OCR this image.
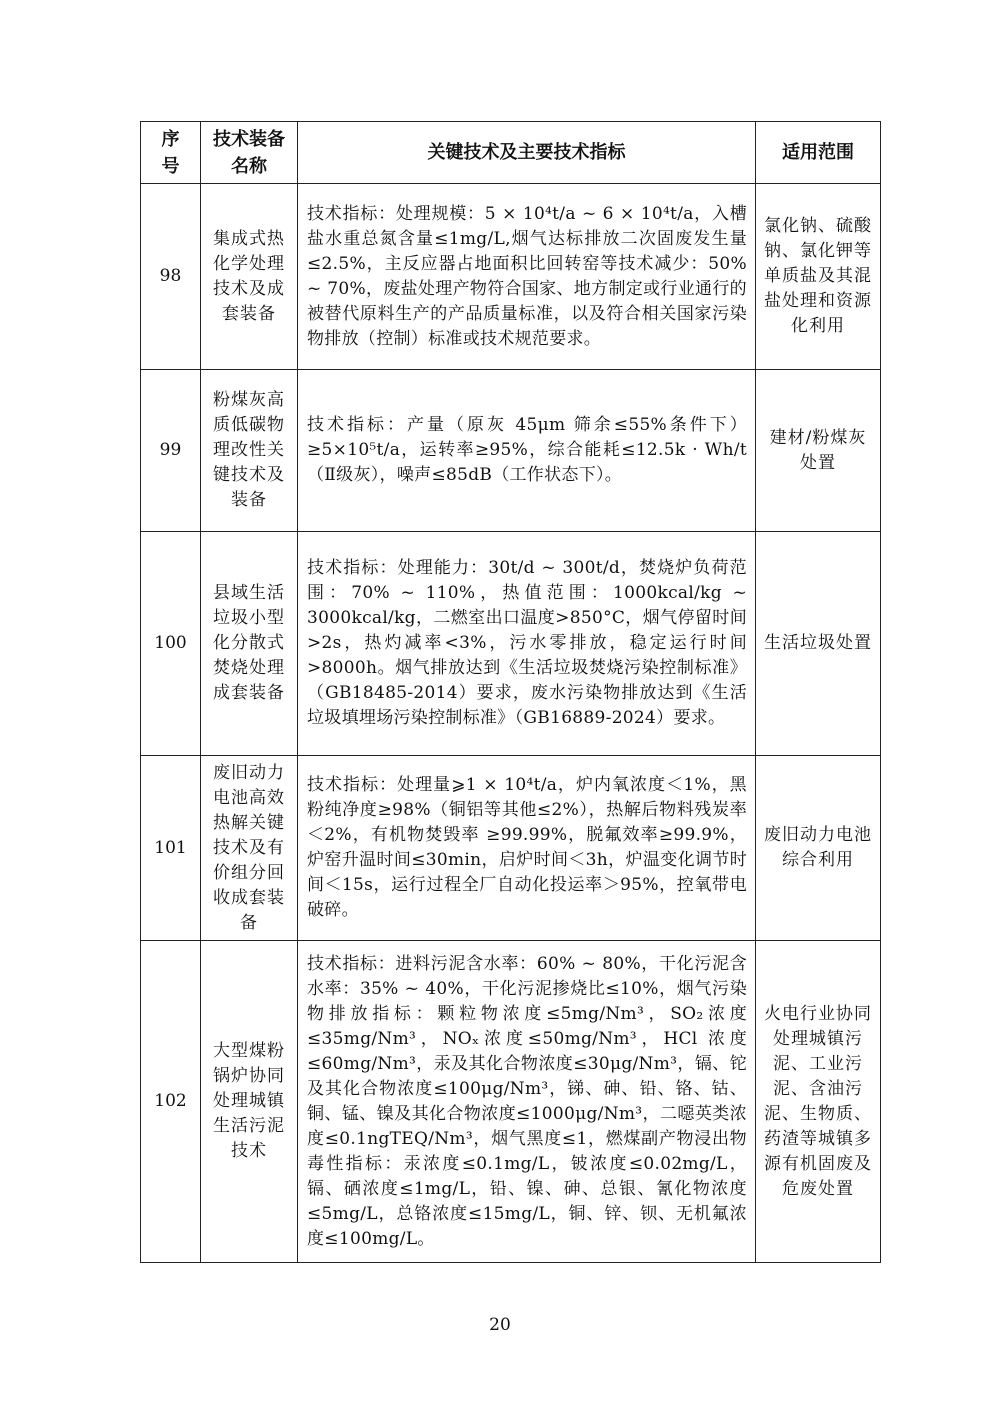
序号	技术装备名称	关键技术及主要技术指标	适用范围
98	集成式热化学处理技术及成套装备	技术指标：处理规模：5 × 10⁴t/a ~ 6 × 10⁴t/a，入槽盐水重总氮含量≤1mg/L,烟气达标排放二次固废发生量≤2.5%，主反应器占地面积比回转窑等技术减少：50% ~ 70%，废盐处理产物符合国家、地方制定或行业通行的被替代原料生产的产品质量标准，以及符合相关国家污染物排放（控制）标准或技术规范要求。	氯化钠、硫酸钠、氯化钾等单质盐及其混盐处理和资源化利用
99	粉煤灰高质低碳物理改性关键技术及装备	技术指标：产量（原灰 45μm 筛余≤55%条件下）≥5×10⁵t/a，运转率≥95%，综合能耗≤12.5k · Wh/t（Ⅱ级灰），噪声≤85dB（工作状态下）。	建材/粉煤灰处置
100	县域生活垃圾小型化分散式焚烧处理成套装备	技术指标：处理能力：30t/d ~ 300t/d，焚烧炉负荷范围：70% ~ 110%，热值范围：1000kcal/kg ~ 3000kcal/kg，二燃室出口温度>850°C，烟气停留时间>2s，热灼减率<3%，污水零排放，稳定运行时间>8000h。烟气排放达到《生活垃圾焚烧污染控制标准》（GB18485-2014）要求，废水污染物排放达到《生活垃圾填埋场污染控制标准》（GB16889-2024）要求。	生活垃圾处置
101	废旧动力电池高效热解关键技术及有价组分回收成套装备	技术指标：处理量⩾1 × 10⁴t/a，炉内氧浓度＜1%，黑粉纯净度≥98%（铜铝等其他≤2%），热解后物料残炭率＜2%，有机物焚毁率 ≥99.99%，脱氟效率≥99.9%，炉窑升温时间≤30min，启炉时间＜3h，炉温变化调节时间＜15s，运行过程全厂自动化投运率＞95%，控氧带电破碎。	废旧动力电池综合利用
102	大型煤粉锅炉协同处理城镇生活污泥技术	技术指标：进料污泥含水率：60% ~ 80%，干化污泥含水率：35% ~ 40%，干化污泥掺烧比≤10%，烟气污染物排放指标：颗粒物浓度≤5mg/Nm³，SO₂浓度≤35mg/Nm³，NOₓ浓度≤50mg/Nm³，HCl 浓度≤60mg/Nm³，汞及其化合物浓度≤30μg/Nm³，镉、铊及其化合物浓度≤100μg/Nm³，锑、砷、铅、铬、钴、铜、锰、镍及其化合物浓度≤1000μg/Nm³，二噁英类浓度≤0.1ngTEQ/Nm³，烟气黑度≤1，燃煤副产物浸出物毒性指标：汞浓度≤0.1mg/L，铍浓度≤0.02mg/L，镉、硒浓度≤1mg/L，铅、镍、砷、总银、氰化物浓度≤5mg/L，总铬浓度≤15mg/L，铜、锌、钡、无机氟浓度≤100mg/L。	火电行业协同处理城镇污泥、工业污泥、含油污泥、生物质、药渣等城镇多源有机固废及危废处置
20
